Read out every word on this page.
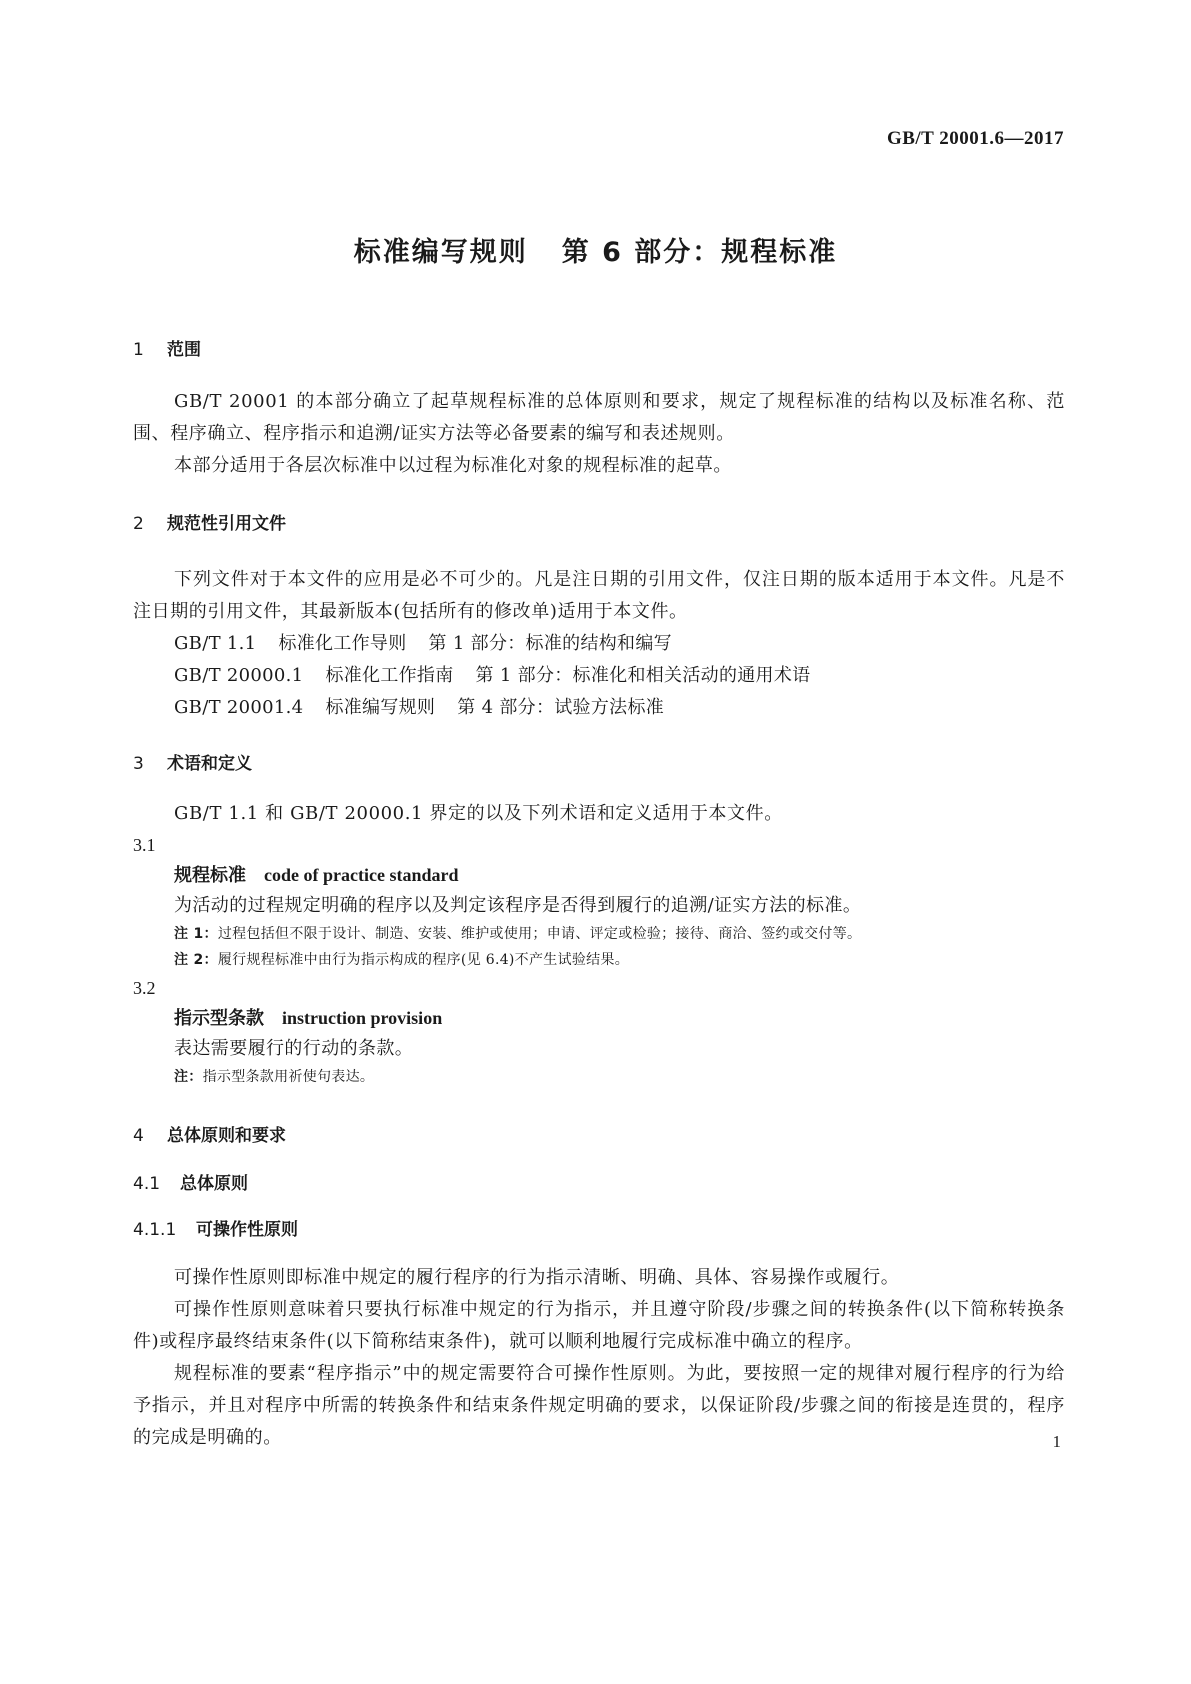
GB/T 20001.6—2017
标准编写规则 第 6 部分：规程标准
1 范围
GB/T 20001 的本部分确立了起草规程标准的总体原则和要求，规定了规程标准的结构以及标准名称、范围、程序确立、程序指示和追溯/证实方法等必备要素的编写和表述规则。
本部分适用于各层次标准中以过程为标准化对象的规程标准的起草。
2 规范性引用文件
下列文件对于本文件的应用是必不可少的。凡是注日期的引用文件，仅注日期的版本适用于本文件。凡是不注日期的引用文件，其最新版本(包括所有的修改单)适用于本文件。
GB/T 1.1 标准化工作导则 第 1 部分：标准的结构和编写
GB/T 20000.1 标准化工作指南 第 1 部分：标准化和相关活动的通用术语
GB/T 20001.4 标准编写规则 第 4 部分：试验方法标准
3 术语和定义
GB/T 1.1 和 GB/T 20000.1 界定的以及下列术语和定义适用于本文件。
3.1
规程标准 code of practice standard
为活动的过程规定明确的程序以及判定该程序是否得到履行的追溯/证实方法的标准。
注 1：过程包括但不限于设计、制造、安装、维护或使用；申请、评定或检验；接待、商洽、签约或交付等。
注 2：履行规程标准中由行为指示构成的程序(见 6.4)不产生试验结果。
3.2
指示型条款 instruction provision
表达需要履行的行动的条款。
注：指示型条款用祈使句表达。
4 总体原则和要求
4.1 总体原则
4.1.1 可操作性原则
可操作性原则即标准中规定的履行程序的行为指示清晰、明确、具体、容易操作或履行。
可操作性原则意味着只要执行标准中规定的行为指示，并且遵守阶段/步骤之间的转换条件(以下简称转换条件)或程序最终结束条件(以下简称结束条件)，就可以顺利地履行完成标准中确立的程序。
规程标准的要素“程序指示”中的规定需要符合可操作性原则。为此，要按照一定的规律对履行程序的行为给予指示，并且对程序中所需的转换条件和结束条件规定明确的要求，以保证阶段/步骤之间的衔接是连贯的，程序的完成是明确的。	1
